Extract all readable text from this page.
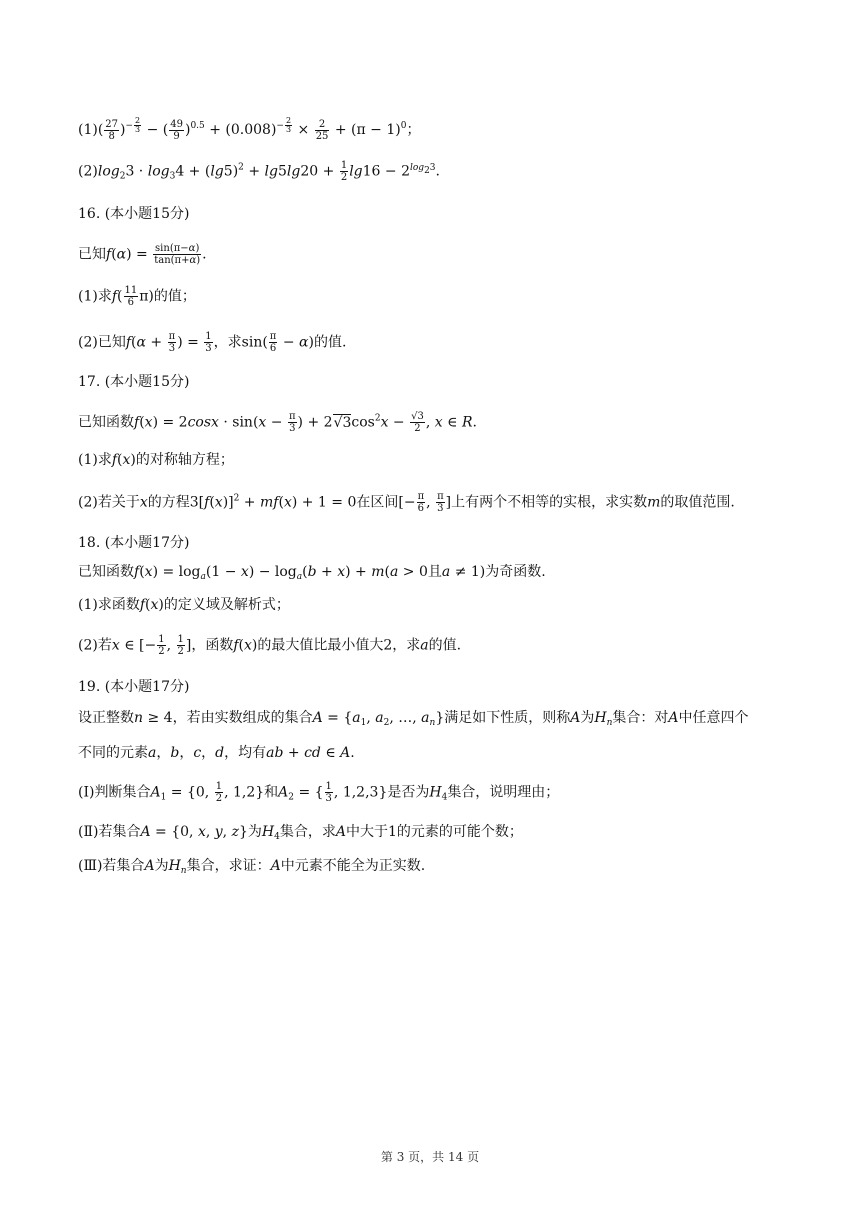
$(1)( \frac{27}{8} )^{- \frac{2}{3}}$ − ( $\frac{49}{9} )^{0.5} + (0.008)^{- \frac{2}{3}} \times \frac{2}{25} + (\pi - 1)^0$；
$(2)\log_23 \cdot \log_34 + (\lg 5)^2 + \lg 5\lg 20 + \frac{1}{2} \lg 16 - 2^{log_23}$.
16. (本小题15分)
已知$f(\alpha) = \frac{\sin(\pi-\alpha)}{\tan(\pi+\alpha)}$ .
(1)求$f( \frac{11}{6} \pi)$的值；
(2)已知$f(\alpha + \frac{\pi}{3}$ ) = $\frac{1}{3}$ ，求$\sin( \frac{\pi}{6} - \alpha)$的值.
17. (本小题15分)
已知函数$f(x) = 2\cos x \cdot \sin(x - \frac{\pi}{3}$ ) + $2√3\cos^2x - \frac{√3}{2}$ , x ∈ R.
(1)求f(x)的对称轴方程；
(2)若关于x的方程$3[f(x)]^2 + mf(x) + 1 = 0$在区间[− $\frac{\pi}{6}$ , $\frac{\pi}{3}$ ]上有两个不相等的实根，求实数m的取值范围.
18. (本小题17分)
已知函数$f(x) = \log_a(1 - x) - \log_a(b + x) + m(a > 0$且a ≠ 1)为奇函数.
(1)求函数f(x)的定义域及解析式；
(2)若x ∈ [− $\frac{1}{2}$ , $\frac{1}{2}$ ]，函数f(x)的最大值比最小值大2，求a的值.
19. (本小题17分)
设正整数n ≥ 4，若由实数组成的集合$A = \{a_1$, $a_2$, …, $a_n$}满足如下性质，则称A为$H_n$集合：对A中任意四个
不同的元素a，b，c，d，均有ab + cd ∈ A.
(Ⅰ)判断集合$A_1 = \{0$, $\frac{1}{2}$ , 1,2}和$A_2$ = { $\frac{1}{3}$ , 1,2,3}是否为$H_4$集合，说明理由；
(Ⅱ)若集合A = {0, x, y, z}为$H_4$集合，求A中大于1的元素的可能个数；
(Ⅲ)若集合A为$H_n$集合，求证：A中元素不能全为正实数.
第 3 页，共 14 页
